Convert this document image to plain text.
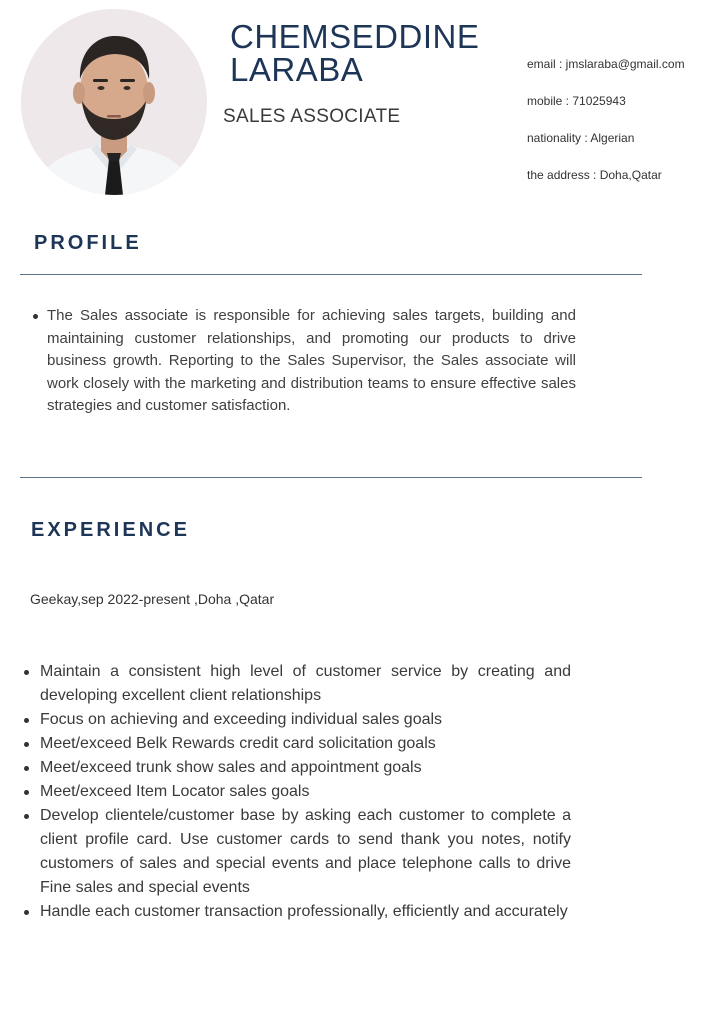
CHEMSEDDINE
LARABA
SALES ASSOCIATE
email : jmslaraba@gmail.com
mobile : 71025943
nationality : Algerian
the address : Doha,Qatar
PROFILE
The Sales associate is responsible for achieving sales targets, building and maintaining customer relationships, and promoting our products to drive business growth. Reporting to the Sales Supervisor, the Sales associate will work closely with the marketing and distribution teams to ensure effective sales strategies and customer satisfaction.
EXPERIENCE
Geekay,sep 2022-present ,Doha ,Qatar
Maintain a consistent high level of customer service by creating and developing excellent client relationships
Focus on achieving and exceeding individual sales goals
Meet/exceed Belk Rewards credit card solicitation goals
Meet/exceed trunk show sales and appointment goals
Meet/exceed Item Locator sales goals
Develop clientele/customer base by asking each customer to complete a client profile card. Use customer cards to send thank you notes, notify customers of sales and special events and place telephone calls to drive Fine sales and special events
Handle each customer transaction professionally, efficiently and accurately
